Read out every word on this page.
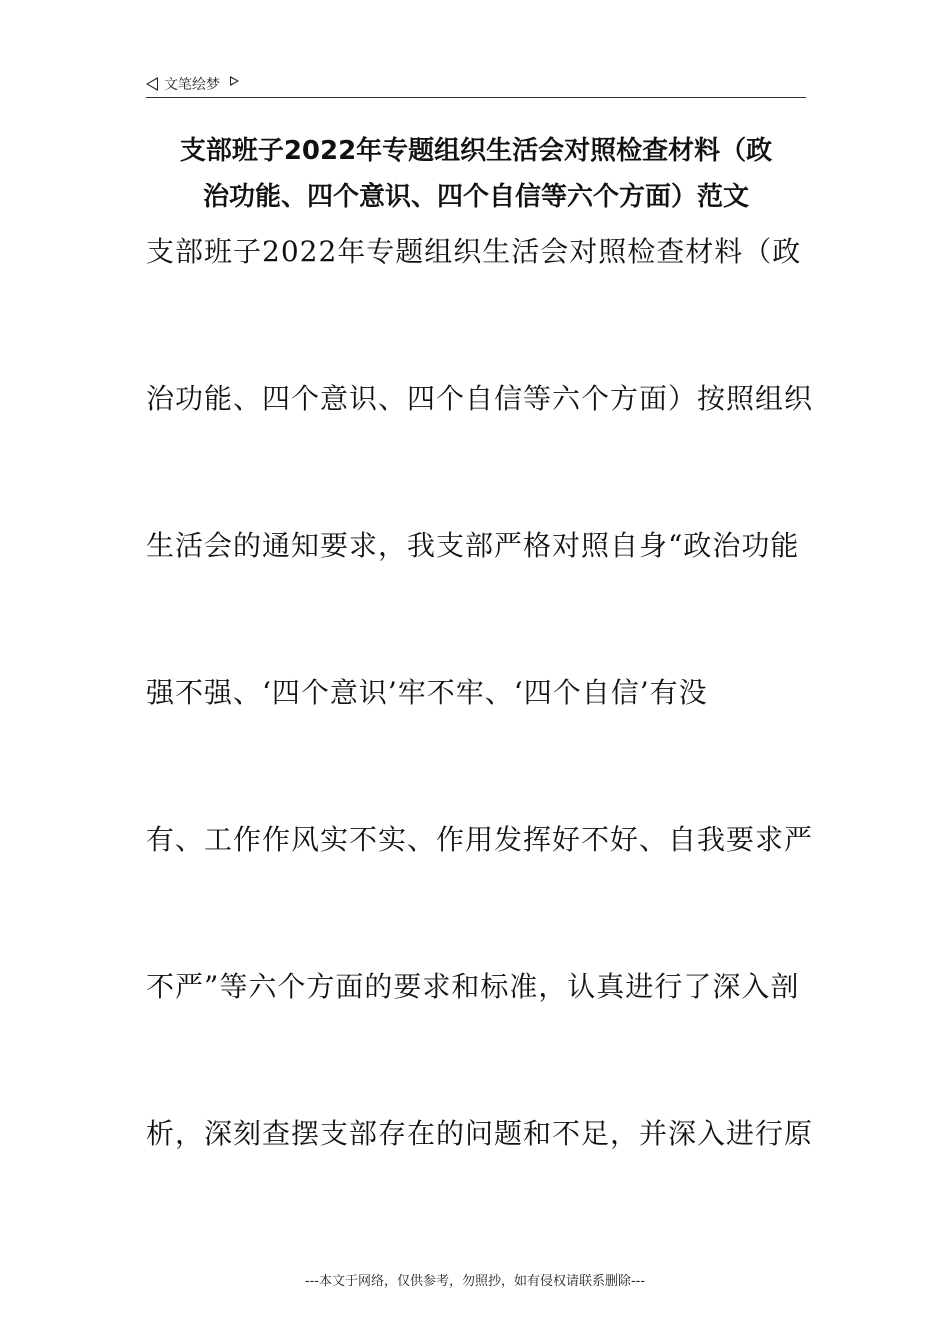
文笔绘梦
支部班子2022年专题组织生活会对照检查材料（政
治功能、四个意识、四个自信等六个方面）范文
支部班子2022年专题组织生活会对照检查材料（政
治功能、四个意识、四个自信等六个方面）按照组织
生活会的通知要求，我支部严格对照自身“政治功能
强不强、‘四个意识’牢不牢、‘四个自信’有没
有、工作作风实不实、作用发挥好不好、自我要求严
不严”等六个方面的要求和标准，认真进行了深入剖
析，深刻查摆支部存在的问题和不足，并深入进行原
---本文于网络，仅供参考，勿照抄，如有侵权请联系删除---
